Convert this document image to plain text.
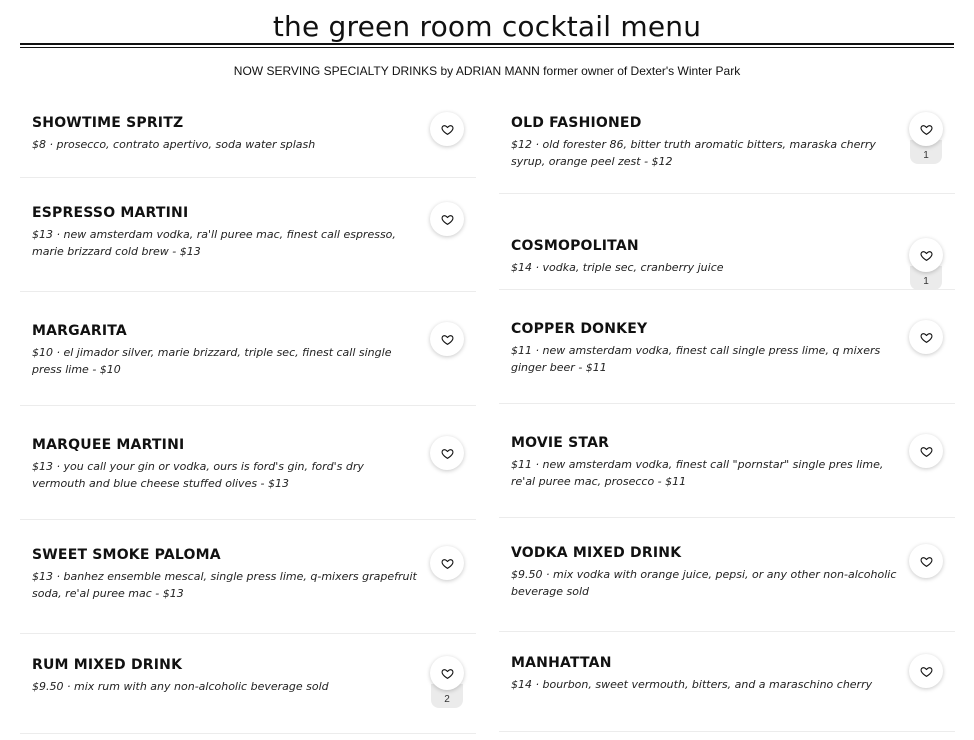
the green room cocktail menu
NOW SERVING SPECIALTY DRINKS by ADRIAN MANN former owner of Dexter's Winter Park
SHOWTIME SPRITZ
$8 · prosecco, contrato apertivo, soda water splash
ESPRESSO MARTINI
$13 · new amsterdam vodka, ra'll puree mac, finest call espresso, marie brizzard cold brew - $13
MARGARITA
$10 · el jimador silver, marie brizzard, triple sec, finest call single press lime - $10
MARQUEE MARTINI
$13 · you call your gin or vodka, ours is ford's gin, ford's dry vermouth and blue cheese stuffed olives - $13
SWEET SMOKE PALOMA
$13 · banhez ensemble mescal, single press lime, q-mixers grapefruit soda, re'al puree mac - $13
RUM MIXED DRINK
$9.50 · mix rum with any non-alcoholic beverage sold
2
OLD FASHIONED
$12 · old forester 86, bitter truth aromatic bitters, maraska cherry syrup, orange peel zest - $12	1
COSMOPOLITAN
$14 · vodka, triple sec, cranberry juice
1
COPPER DONKEY
$11 · new amsterdam vodka, finest call single press lime, q mixers ginger beer - $11
MOVIE STAR
$11 · new amsterdam vodka, finest call "pornstar" single pres lime, re'al puree mac, prosecco - $11
VODKA MIXED DRINK
$9.50 · mix vodka with orange juice, pepsi, or any other non-alcoholic beverage sold
MANHATTAN
$14 · bourbon, sweet vermouth, bitters, and a maraschino cherry
